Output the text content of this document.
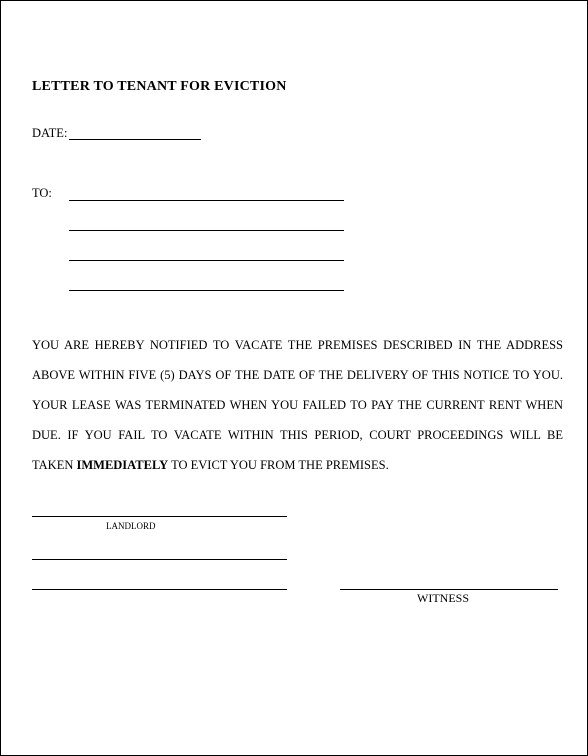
LETTER TO TENANT FOR EVICTION
DATE:
TO:

YOU ARE HEREBY NOTIFIED TO VACATE THE PREMISES DESCRIBED IN THE ADDRESS ABOVE WITHIN FIVE (5) DAYS OF THE DATE OF THE DELIVERY OF THIS NOTICE TO YOU. YOUR LEASE WAS TERMINATED WHEN YOU FAILED TO PAY THE CURRENT RENT WHEN DUE. IF YOU FAIL TO VACATE WITHIN THIS PERIOD, COURT PROCEEDINGS WILL BE TAKEN IMMEDIATELY TO EVICT YOU FROM THE PREMISES.

LANDLORD
WITNESS
